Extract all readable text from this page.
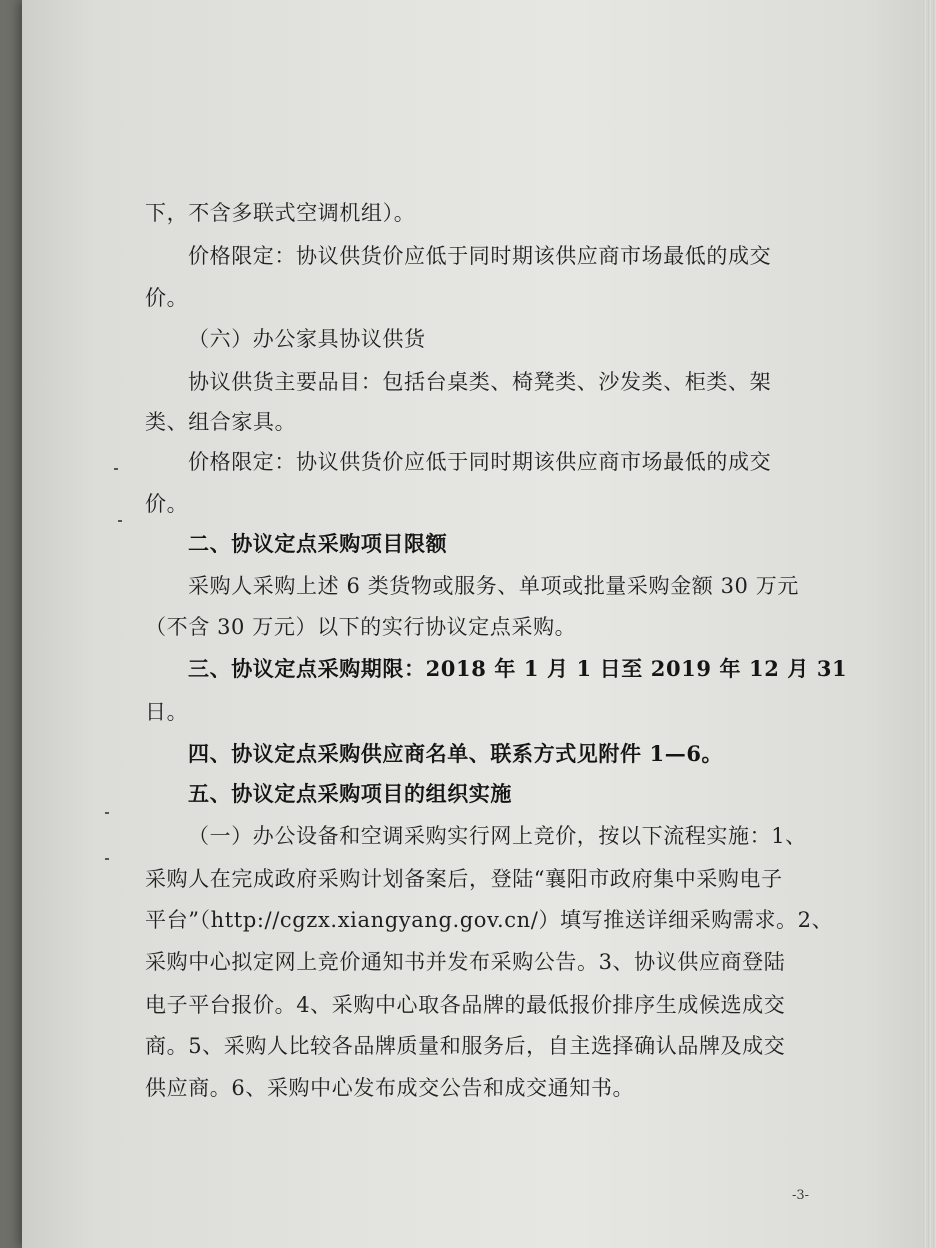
下，不含多联式空调机组）。
价格限定：协议供货价应低于同时期该供应商市场最低的成交
价。
（六）办公家具协议供货
协议供货主要品目：包括台桌类、椅凳类、沙发类、柜类、架
类、组合家具。
价格限定：协议供货价应低于同时期该供应商市场最低的成交
价。
二、协议定点采购项目限额
采购人采购上述 6 类货物或服务、单项或批量采购金额 30 万元
（不含 30 万元）以下的实行协议定点采购。
三、协议定点采购期限：2018 年 1 月 1 日至 2019 年 12 月 31
日。
四、协议定点采购供应商名单、联系方式见附件 1—6。
五、协议定点采购项目的组织实施
（一）办公设备和空调采购实行网上竞价，按以下流程实施：1、
采购人在完成政府采购计划备案后，登陆“襄阳市政府集中采购电子
平台”（http://cgzx.xiangyang.gov.cn/）填写推送详细采购需求。2、
采购中心拟定网上竞价通知书并发布采购公告。3、协议供应商登陆
电子平台报价。4、采购中心取各品牌的最低报价排序生成候选成交
商。5、采购人比较各品牌质量和服务后，自主选择确认品牌及成交
供应商。6、采购中心发布成交公告和成交通知书。
-3-
